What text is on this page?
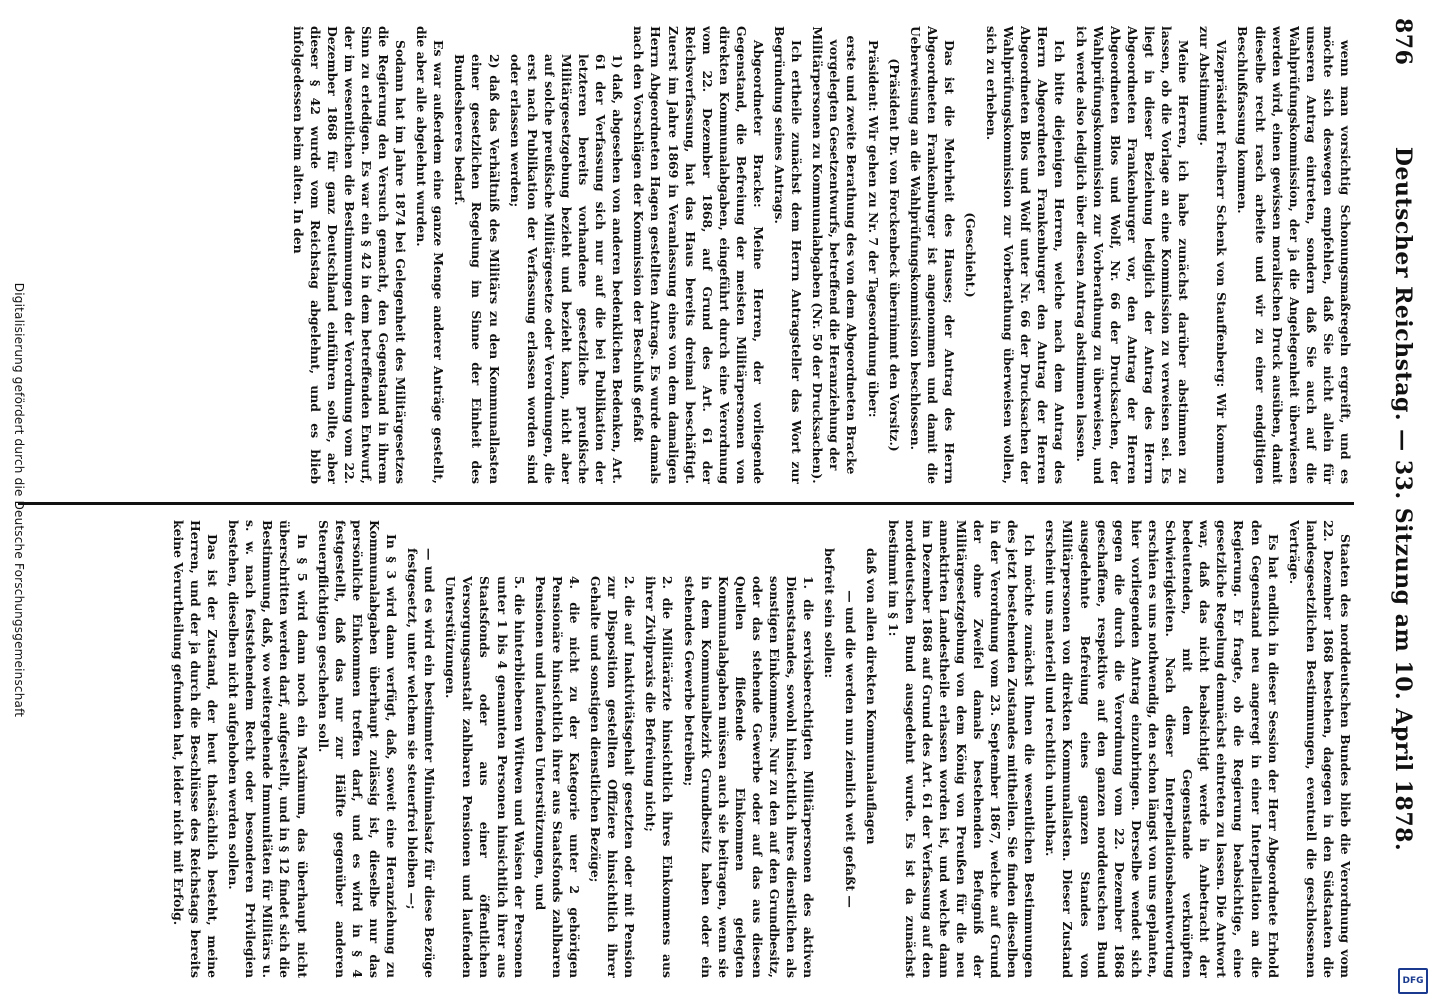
876
Deutscher Reichstag. — 33. Sitzung am 10. April 1878.

wenn man vorsichtig Schonungsmaßregeln ergreift, und es möchte sich deswegen empfehlen, daß Sie nicht allein für unseren Antrag eintreten, sondern daß Sie auch auf die Wahlprüfungskommission, der ja die Angelegenheit überwiesen werden wird, einen gewissen moralischen Druck ausüben, damit dieselbe recht rasch arbeite und wir zu einer endgiltigen Beschlußfassung kommen.

Vizepräsident Freiherr Schenk von Stauffenberg: Wir kommen zur Abstimmung.

Meine Herren, ich habe zunächst darüber abstimmen zu lassen, ob die Vorlage an eine Kommission zu verweisen sei. Es liegt in dieser Beziehung lediglich der Antrag des Herrn Abgeordneten Frankenburger vor, den Antrag der Herren Abgeordneten Blos und Wolf, Nr. 66 der Drucksachen, der Wahlprüfungskommission zur Vorberathung zu überweisen, und ich werde also lediglich über diesen Antrag abstimmen lassen.

Ich bitte diejenigen Herren, welche nach dem Antrag des Herrn Abgeordneten Frankenburger den Antrag der Herren Abgeordneten Blos und Wolf unter Nr. 66 der Drucksachen der Wahlprüfungskommission zur Vorberathung überweisen wollen, sich zu erheben.

(Geschieht.)

Das ist die Mehrheit des Hauses; der Antrag des Herrn Abgeordneten Frankenburger ist angenommen und damit die Ueberweisung an die Wahlprüfungskommission beschlossen.

(Präsident Dr. von Forckenbeck übernimmt den Vorsitz.)

Präsident: Wir gehen zu Nr. 7 der Tagesordnung über:

erste und zweite Berathung des von dem Abgeordneten Bracke vorgelegten Gesetzentwurfs, betreffend die Heranziehung der Militärpersonen zu Kommunalabgaben (Nr. 50 der Drucksachen).

Ich ertheile zunächst dem Herrn Antragsteller das Wort zur Begründung seines Antrags.

Abgeordneter Bracke: Meine Herren, der vorliegende Gegenstand, die Befreiung der meisten Militärpersonen von direkten Kommunalabgaben, eingeführt durch eine Verordnung vom 22. Dezember 1868, auf Grund des Art. 61 der Reichsverfassung, hat das Haus bereits dreimal beschäftigt. Zuerst im Jahre 1869 in Veranlassung eines von dem damaligen Herrn Abgeordneten Hagen gestellten Antrags. Es wurde damals nach den Vorschlägen der Kommission der Beschluß gefaßt

1) daß, abgesehen von anderen bedenklichen Bedenken, Art. 61 der Verfassung sich nur auf die bei Publikation der letzteren bereits vorhandene gesetzliche preußische Militärgesetzgebung bezieht und bezieht kann, nicht aber auf solche preußische Militärgesetze oder Verordnungen, die erst nach Publikation der Verfassung erlassen worden sind oder erlassen werden;

2) daß das Verhältniß des Militärs zu den Kommunallasten einer gesetzlichen Regelung im Sinne der Einheit des Bundesheeres bedarf.

Es war außerdem eine ganze Menge anderer Anträge gestellt, die aber alle abgelehnt wurden.

Sodann hat im Jahre 1874 bei Gelegenheit des Militärgesetzes die Regierung den Versuch gemacht, den Gegenstand in ihrem Sinn zu erledigen. Es war ein § 42 in dem betreffenden Entwurf, der im wesentlichen die Bestimmungen der Verordnung vom 22. Dezember 1868 für ganz Deutschland einführen sollte, aber dieser § 42 wurde vom Reichstag abgelehnt, und es blieb infolgedessen beim alten. In den

Staaten des norddeutschen Bundes blieb die Verordnung vom 22. Dezember 1868 bestehen, dagegen in den Südstaaten die landesgesetzlichen Bestimmungen, eventuell die geschlossenen Verträge.

Es hat endlich in dieser Session der Herr Abgeordnete Erhold den Gegenstand neu angeregt in einer Interpellation an die Regierung. Er fragte, ob die Regierung beabsichtige, eine gesetzliche Regelung demnächst eintreten zu lassen. Die Antwort war, daß das nicht beabsichtigt werde in Anbetracht der bedeutenden, mit dem Gegenstande verknüpften Schwierigkeiten. Nach dieser Interpellationsbeantwortung erschien es uns nothwendig, den schon längst von uns geplanten, hier vorliegenden Antrag einzubringen. Derselbe wendet sich gegen die durch die Verordnung vom 22. Dezember 1868 geschaffene, respektive auf den ganzen norddeutschen Bund ausgedehnte Befreiung eines ganzen Standes von Militärpersonen von direkten Kommunallasten. Dieser Zustand erscheint uns materiell und rechtlich unhaltbar.

Ich möchte zunächst Ihnen die wesentlichen Bestimmungen des jetzt bestehenden Zustandes mittheilen. Sie finden dieselben in der Verordnung vom 23. September 1867, welche auf Grund der ohne Zweifel damals bestehenden Befugniß der Militärgesetzgebung von dem König von Preußen für die neu annektirten Landestheile erlassen worden ist, und welche dann im Dezember 1868 auf Grund des Art. 61 der Verfassung auf den norddeutschen Bund ausgedehnt wurde. Es ist da zunächst bestimmt im § 1:

daß von allen direkten Kommunalauflagen

— und die werden nun ziemlich weit gefaßt —

befreit sein sollen:

1. die servisberechtigten Militärpersonen des aktiven Dienststandes, sowohl hinsichtlich ihres dienstlichen als sonstigen Einkommens. Nur zu den auf den Grundbesitz, oder das stehende Gewerbe oder auf das aus diesen Quellen fließende Einkommen gelegten Kommunalabgaben müssen auch sie beitragen, wenn sie in dem Kommunalbezirk Grundbesitz haben oder ein stehendes Gewerbe betreiben;

2. die Militärärzte hinsichtlich ihres Einkommens aus ihrer Zivilpraxis die Befreiung nicht;

2. die auf Inaktivitätsgehalt gesetzten oder mit Pension zur Disposition gestellten Offiziere hinsichtlich ihrer Gehalte und sonstigen dienstlichen Bezüge;

4. die nicht zu der Kategorie unter 2 gehörigen Pensionäre hinsichtlich ihrer aus Staatsfonds zahlbaren Pensionen und laufenden Unterstützungen, und

5. die hinterbliebenen Wittwen und Waisen der Personen unter 1 bis 4 genannten Personen hinsichtlich ihrer aus Staatsfonds oder aus einer öffentlichen Versorgungsanstalt zahlbaren Pensionen und laufenden Unterstützungen.

— und es wird ein bestimmter Minimalsatz für diese Bezüge festgesetzt, unter welchem sie steuerfrei bleiben —;

In § 3 wird dann verfügt, daß, soweit eine Heranziehung zu Kommunalabgaben überhaupt zulässig ist, dieselbe nur das persönliche Einkommen treffen darf, und es wird in § 4 festgestellt, daß das nur zur Hälfte gegenüber anderen Steuerpflichtigen geschehen soll.

In § 5 wird dann noch ein Maximum, das überhaupt nicht überschritten werden darf, aufgestellt, und in § 12 findet sich die Bestimmung, daß, wo weitergehende Immunitäten für Militärs u. s. w. nach feststehendem Recht oder besonderen Privilegien bestehen, dieselben nicht aufgehoben werden sollen.

Das ist der Zustand, der heut thatsächlich besteht, meine Herren, und der ja durch die Beschlüsse des Reichstags bereits keine Verurtheilung gefunden hat, leider nicht mit Erfolg.

Digitalisierung gefördert durch die Deutsche Forschungsgemeinschaft
DFG
